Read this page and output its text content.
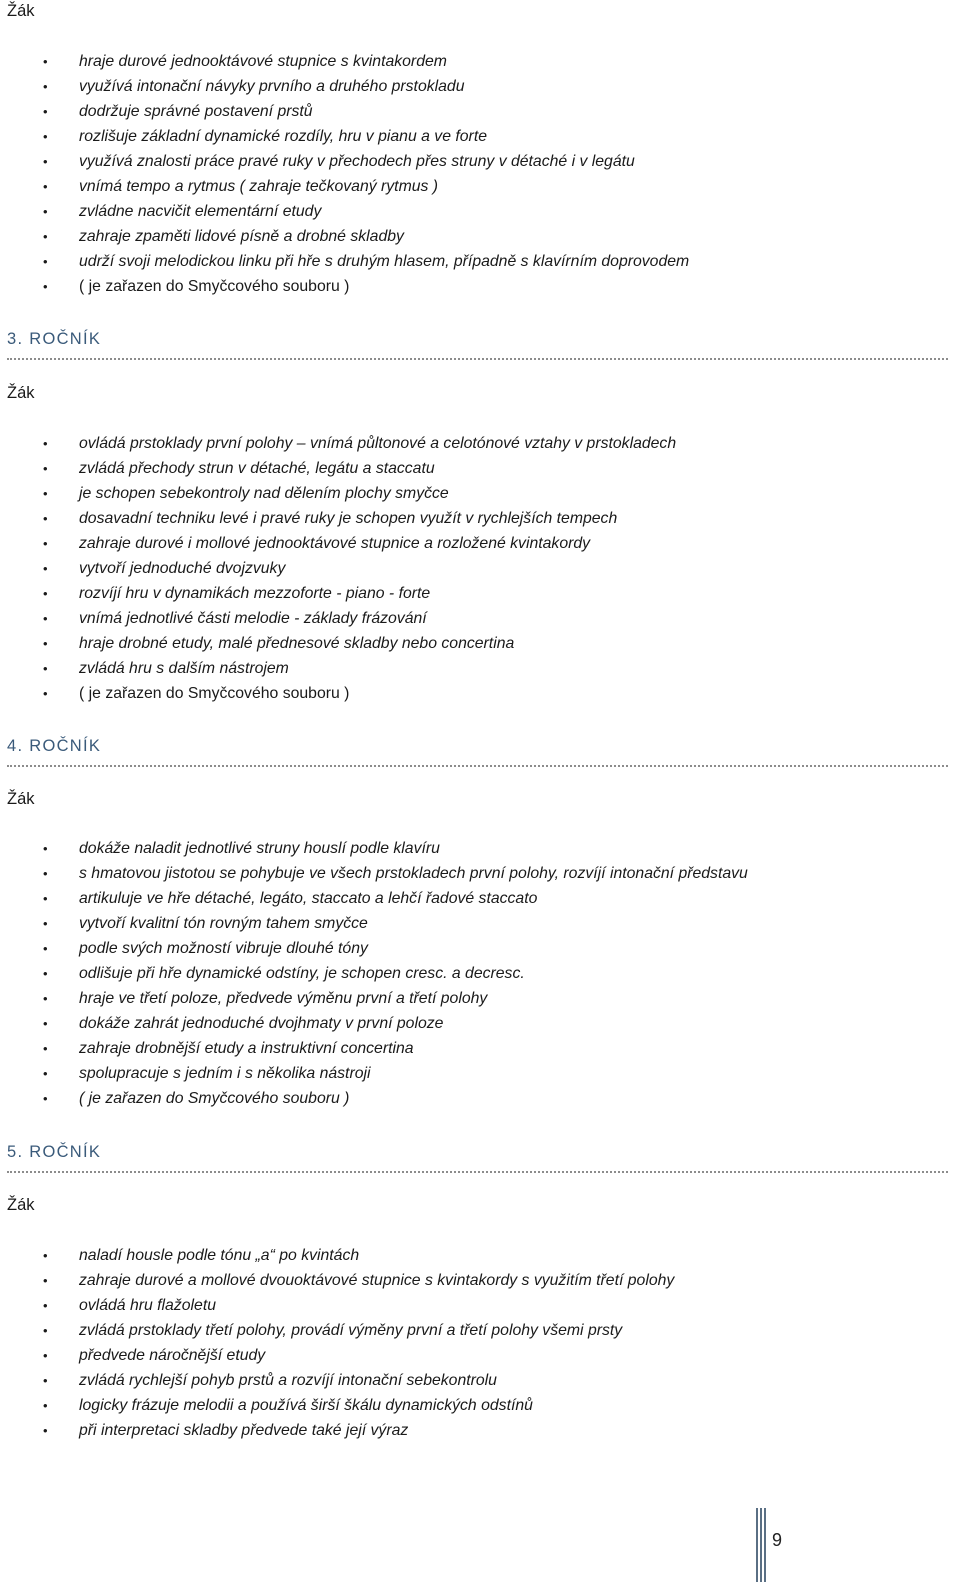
Žák
• hraje durové jednooktávové stupnice s kvintakordem
• využívá intonační návyky prvního a druhého prstokladu
• dodržuje správné postavení prstů
• rozlišuje základní dynamické rozdíly, hru v pianu a ve forte
• využívá znalosti práce pravé ruky v přechodech přes struny v détaché i v legátu
• vnímá tempo a rytmus ( zahraje tečkovaný rytmus )
• zvládne nacvičit elementární etudy
• zahraje zpaměti lidové písně a drobné skladby
• udrží svoji melodickou linku při hře s druhým hlasem, případně s klavírním doprovodem
• ( je zařazen do Smyčcového souboru )
3. ROČNÍK
Žák
• ovládá prstoklady první polohy – vnímá půltonové a celotónové vztahy v prstokladech
• zvládá přechody strun v détaché, legátu a staccatu
• je schopen sebekontroly nad dělením plochy smyčce
• dosavadní techniku levé i pravé ruky je schopen využít v rychlejších tempech
• zahraje durové i mollové jednooktávové stupnice a rozložené kvintakordy
• vytvoří jednoduché dvojzvuky
• rozvíjí hru v dynamikách mezzoforte - piano - forte
• vnímá jednotlivé části melodie - základy frázování
• hraje drobné etudy, malé přednesové skladby nebo concertina
• zvládá hru s dalším nástrojem
• ( je zařazen do Smyčcového souboru )
4. ROČNÍK
Žák
• dokáže naladit jednotlivé struny houslí podle klavíru
• s hmatovou jistotou se pohybuje ve všech prstokladech první polohy, rozvíjí intonační představu
• artikuluje ve hře détaché, legáto, staccato a lehčí řadové staccato
• vytvoří kvalitní tón rovným tahem smyčce
• podle svých možností vibruje dlouhé tóny
• odlišuje při hře dynamické odstíny, je schopen cresc. a decresc.
• hraje ve třetí poloze, předvede výměnu první a třetí polohy
• dokáže zahrát jednoduché dvojhmaty v první poloze
• zahraje drobnější etudy a instruktivní concertina
• spolupracuje s jedním i s několika nástroji
• ( je zařazen do Smyčcového souboru )
5. ROČNÍK
Žák
• naladí housle podle tónu „a“ po kvintách
• zahraje durové a mollové dvouoktávové stupnice s kvintakordy s využitím třetí polohy
• ovládá hru flažoletu
• zvládá prstoklady třetí polohy, provádí výměny první a třetí polohy všemi prsty
• předvede náročnější etudy
• zvládá rychlejší pohyb prstů a rozvíjí intonační sebekontrolu
• logicky frázuje melodii a používá širší škálu dynamických odstínů
• při interpretaci skladby předvede také její výraz
9
